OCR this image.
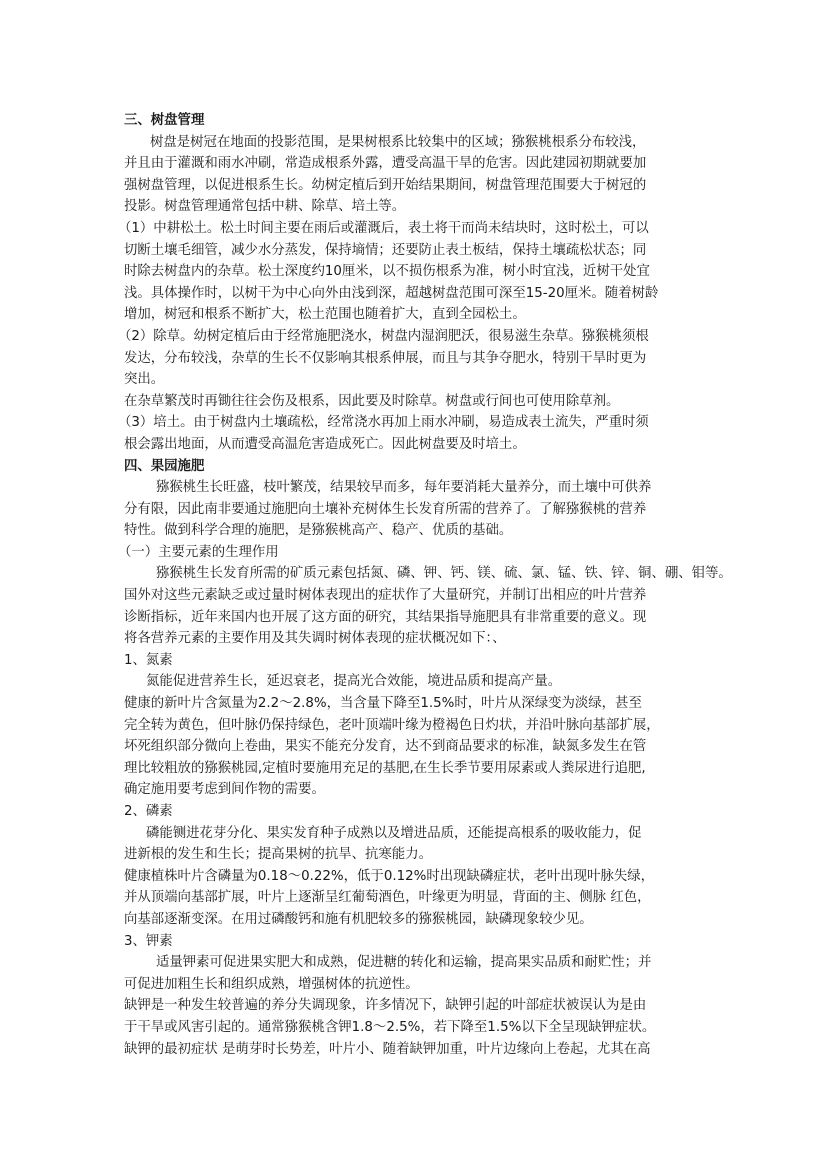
三、树盘管理
树盘是树冠在地面的投影范围，是果树根系比较集中的区域；猕猴桃根系分布较浅，
并且由于灌溉和雨水冲刷，常造成根系外露，遭受高温干旱的危害。因此建园初期就要加
强树盘管理，以促进根系生长。幼树定植后到开始结果期间，树盘管理范围要大于树冠的
投影。树盘管理通常包括中耕、除草、培土等。
（1）中耕松土。松土时间主要在雨后或灌溉后，表土将干而尚未结块时，这时松土，可以
切断土壤毛细管，减少水分蒸发，保持墒情；还要防止表土板结，保持土壤疏松状态；同
时除去树盘内的杂草。松土深度约10厘米，以不损伤根系为准，树小时宜浅，近树干处宜
浅。具体操作时，以树干为中心向外由浅到深，超越树盘范围可深至15-20厘米。随着树龄
增加，树冠和根系不断扩大，松土范围也随着扩大，直到全园松土。
（2）除草。幼树定植后由于经常施肥浇水，树盘内湿润肥沃，很易滋生杂草。猕猴桃须根
发达，分布较浅，杂草的生长不仅影响其根系伸展，而且与其争夺肥水，特别干旱时更为
突出。
在杂草繁茂时再锄往往会伤及根系，因此要及时除草。树盘或行间也可使用除草剂。
（3）培土。由于树盘内土壤疏松，经常浇水再加上雨水冲刷，易造成表土流失，严重时须
根会露出地面，从而遭受高温危害造成死亡。因此树盘要及时培土。
四、果园施肥
猕猴桃生长旺盛，枝叶繁茂，结果较早而多，每年要消耗大量养分，而土壤中可供养
分有限，因此南非要通过施肥向土壤补充树体生长发育所需的营养了。了解猕猴桃的营养
特性。做到科学合理的施肥，是猕猴桃高产、稳产、优质的基础。
（一）主要元素的生理作用
猕猴桃生长发育所需的矿质元素包括氮、磷、钾、钙、镁、硫、氯、锰、铁、锌、铜、硼、钼等。
国外对这些元素缺乏或过量时树体表现出的症状作了大量研究，并制订出相应的叶片营养
诊断指标，近年来国内也开展了这方面的研究，其结果指导施肥具有非常重要的意义。现
将各营养元素的主要作用及其失调时树体表现的症状概况如下：、
1、氮素
氮能促进营养生长，延迟衰老，提高光合效能，境进品质和提高产量。
健康的新叶片含氮量为2.2～2.8%，当含量下降至1.5%时，叶片从深绿变为淡绿，甚至
完全转为黄色，但叶脉仍保持绿色，老叶顶端叶缘为橙褐色日灼状，并沿叶脉向基部扩展，
坏死组织部分微向上卷曲，果实不能充分发育，达不到商品要求的标准，缺氮多发生在管
理比较粗放的猕猴桃园,定植时要施用充足的基肥,在生长季节要用尿素或人粪尿进行追肥,
确定施用要考虑到间作物的需要。
2、磷素
磷能铡进花芽分化、果实发育种子成熟以及增进品质，还能提高根系的吸收能力，促
进新根的发生和生长；提高果树的抗旱、抗寒能力。
健康植株叶片含磷量为0.18～0.22%，低于0.12%时出现缺磷症状，老叶出现叶脉失绿，
并从顶端向基部扩展，叶片上逐渐呈红葡萄酒色，叶缘更为明显，背面的主、侧脉 红色，
向基部逐渐变深。在用过磷酸钙和施有机肥较多的猕猴桃园，缺磷现象较少见。
3、钾素
适量钾素可促进果实肥大和成熟，促进糖的转化和运输，提高果实品质和耐贮性；并
可促进加粗生长和组织成熟，增强树体的抗逆性。
缺钾是一种发生较普遍的养分失调现象，许多情况下，缺钾引起的叶部症状被误认为是由
于干旱或风害引起的。通常猕猴桃含钾1.8～2.5%，若下降至1.5%以下全呈现缺钾症状。
缺钾的最初症状 是萌芽时长势差，叶片小、随着缺钾加重，叶片边缘向上卷起，尤其在高
